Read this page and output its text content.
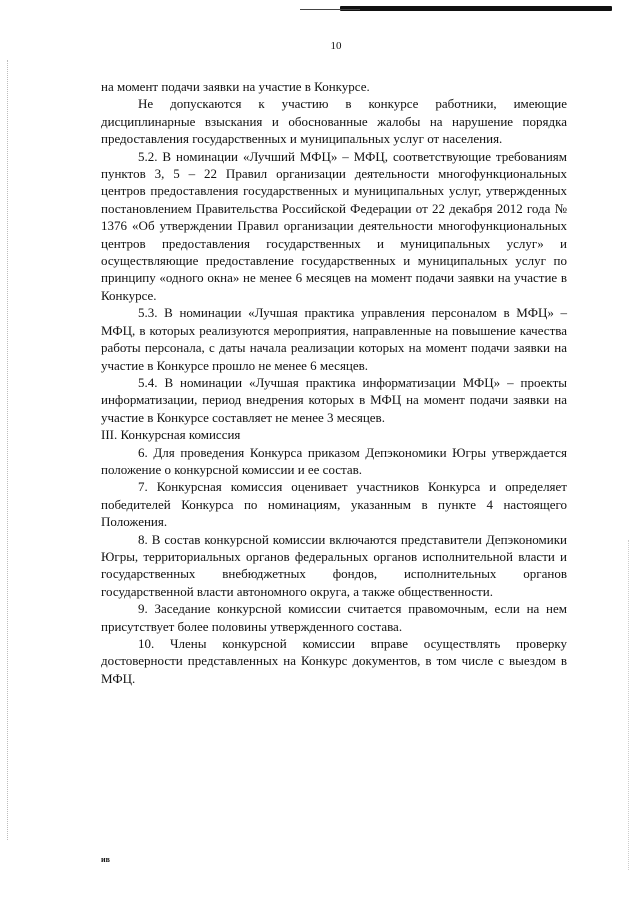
10

на момент подачи заявки на участие в Конкурсе.

Не допускаются к участию в конкурсе работники, имеющие дисциплинарные взыскания и обоснованные жалобы на нарушение порядка предоставления государственных и муниципальных услуг от населения.

5.2. В номинации «Лучший МФЦ» – МФЦ, соответствующие требованиям пунктов 3, 5 – 22 Правил организации деятельности многофункциональных центров предоставления государственных и муниципальных услуг, утвержденных постановлением Правительства Российской Федерации от 22 декабря 2012 года № 1376 «Об утверждении Правил организации деятельности многофункциональных центров предоставления государственных и муниципальных услуг» и осуществляющие предоставление государственных и муниципальных услуг по принципу «одного окна» не менее 6 месяцев на момент подачи заявки на участие в Конкурсе.

5.3. В номинации «Лучшая практика управления персоналом в МФЦ» – МФЦ, в которых реализуются мероприятия, направленные на повышение качества работы персонала, с даты начала реализации которых на момент подачи заявки на участие в Конкурсе прошло не менее 6 месяцев.

5.4. В номинации «Лучшая практика информатизации МФЦ» – проекты информатизации, период внедрения которых в МФЦ на момент подачи заявки на участие в Конкурсе составляет не менее 3 месяцев.

III. Конкурсная комиссия

6. Для проведения Конкурса приказом Депэкономики Югры утверждается положение о конкурсной комиссии и ее состав.

7. Конкурсная комиссия оценивает участников Конкурса и определяет победителей Конкурса по номинациям, указанным в пункте 4 настоящего Положения.

8. В состав конкурсной комиссии включаются представители Депэкономики Югры, территориальных органов федеральных органов исполнительной власти и государственных внебюджетных фондов, исполнительных органов государственной власти автономного округа, а также общественности.

9. Заседание конкурсной комиссии считается правомочным, если на нем присутствует более половины утвержденного состава.

10. Члены конкурсной комиссии вправе осуществлять проверку достоверности представленных на Конкурс документов, в том числе с выездом в МФЦ.

ив
